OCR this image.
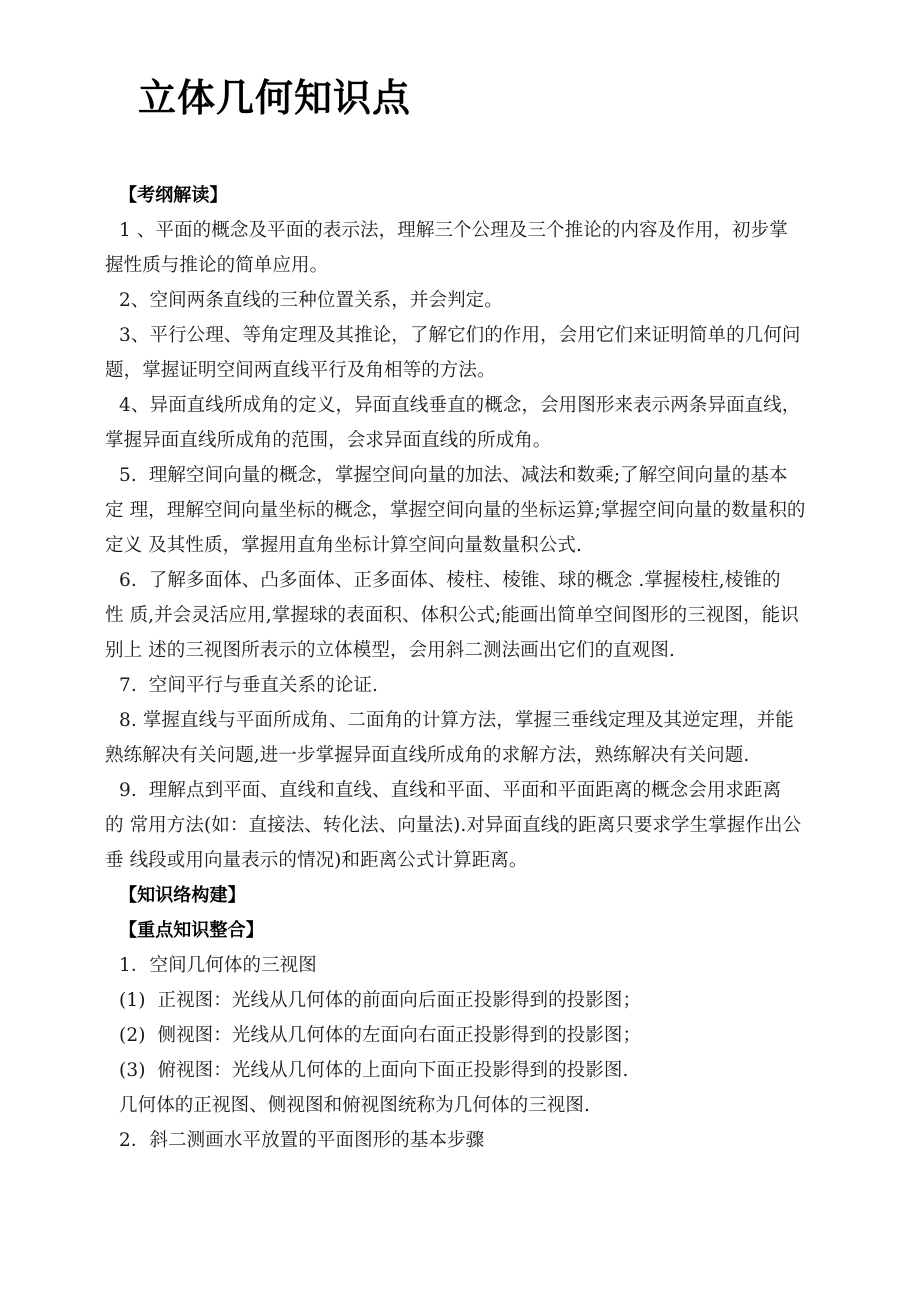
立体几何知识点
【考纲解读】
1 、平面的概念及平面的表示法，理解三个公理及三个推论的内容及作用，初步掌
握性质与推论的简单应用。
2、空间两条直线的三种位置关系，并会判定。
3、平行公理、等角定理及其推论，了解它们的作用，会用它们来证明简单的几何问
题，掌握证明空间两直线平行及角相等的方法。
4、异面直线所成角的定义，异面直线垂直的概念，会用图形来表示两条异面直线，
掌握异面直线所成角的范围，会求异面直线的所成角。
5.  理解空间向量的概念，掌握空间向量的加法、减法和数乘;了解空间向量的基本
定 理，理解空间向量坐标的概念，掌握空间向量的坐标运算;掌握空间向量的数量积的
定义 及其性质，掌握用直角坐标计算空间向量数量积公式.
6.  了解多面体、凸多面体、正多面体、棱柱、棱锥、球的概念 .掌握棱柱,棱锥的
性 质,并会灵活应用,掌握球的表面积、体积公式;能画出简单空间图形的三视图，能识
别上 述的三视图所表示的立体模型，会用斜二测法画出它们的直观图.
7.  空间平行与垂直关系的论证.
8. 掌握直线与平面所成角、二面角的计算方法，掌握三垂线定理及其逆定理，并能
熟练解决有关问题,进一步掌握异面直线所成角的求解方法，熟练解决有关问题.
9.  理解点到平面、直线和直线、直线和平面、平面和平面距离的概念会用求距离
的 常用方法(如：直接法、转化法、向量法).对异面直线的距离只要求学生掌握作出公
垂 线段或用向量表示的情况)和距离公式计算距离。
【知识络构建】
【重点知识整合】
1．空间几何体的三视图
(1)  正视图：光线从几何体的前面向后面正投影得到的投影图；
(2)  侧视图：光线从几何体的左面向右面正投影得到的投影图；
(3)  俯视图：光线从几何体的上面向下面正投影得到的投影图.
几何体的正视图、侧视图和俯视图统称为几何体的三视图.
2．斜二测画水平放置的平面图形的基本步骤
